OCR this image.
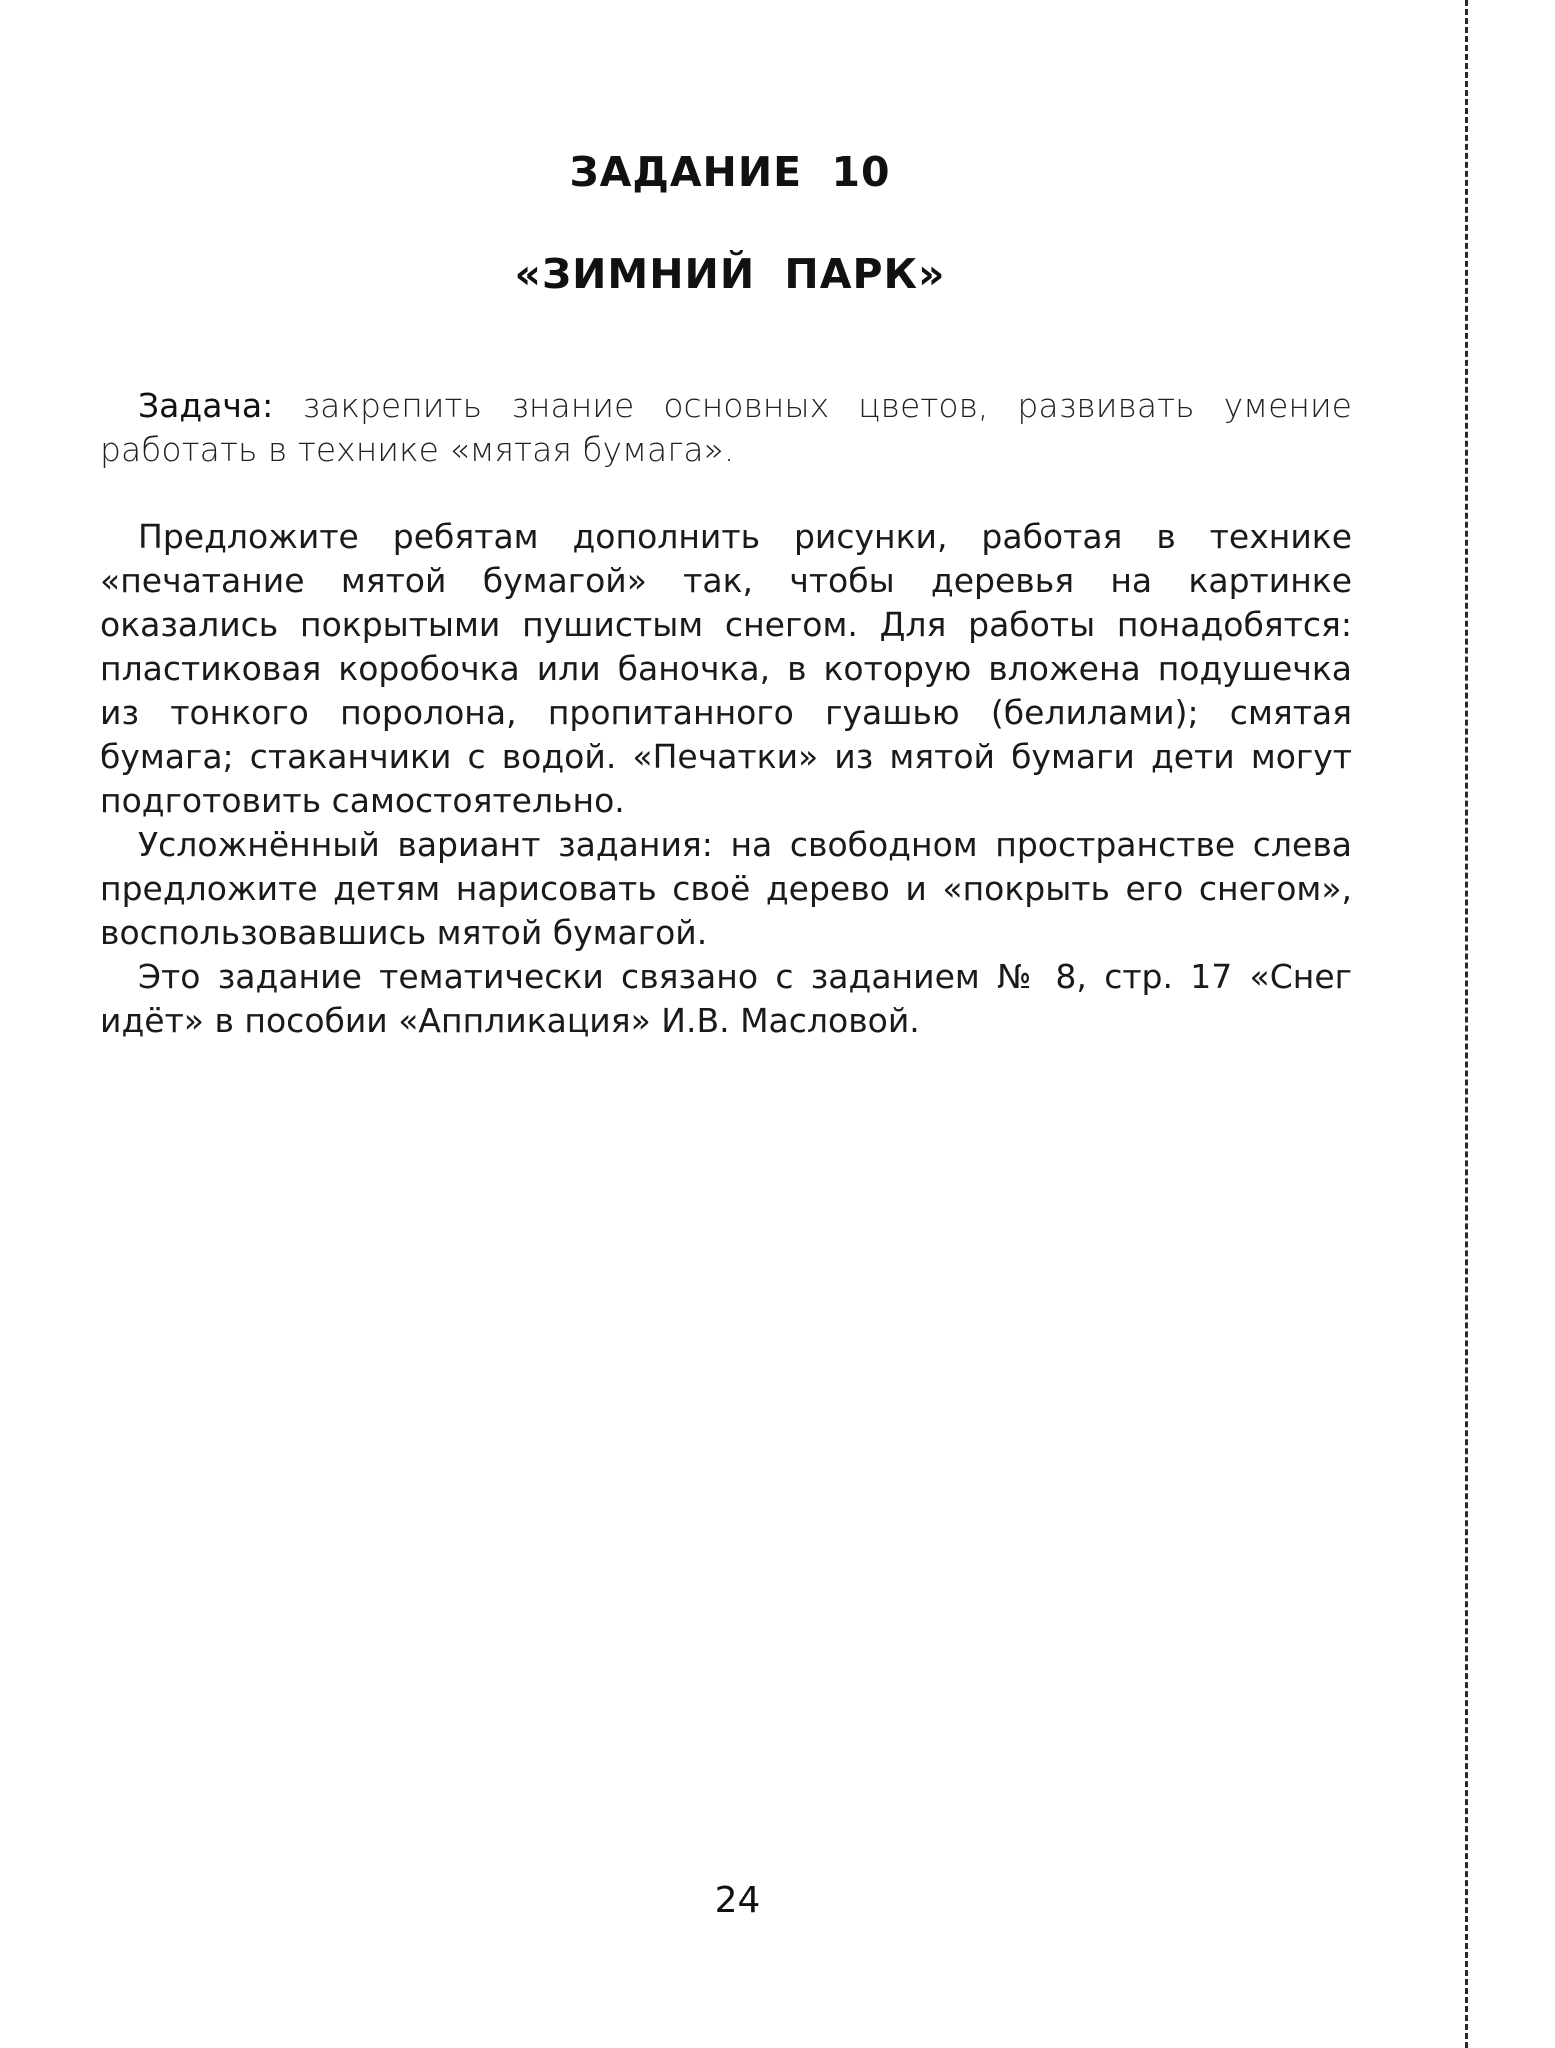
ЗАДАНИЕ 10
«ЗИМНИЙ ПАРК»

Задача: закрепить знание основных цветов, развивать умение работать в технике «мятая бумага».

Предложите ребятам дополнить рисунки, работая в технике «печатание мятой бумагой» так, чтобы деревья на картинке оказались покрытыми пушистым снегом. Для работы понадобятся: пластиковая коробочка или баночка, в которую вложена подушечка из тонкого поролона, пропитанного гуашью (белилами); смятая бумага; стаканчики с водой. «Печатки» из мятой бумаги дети могут подготовить самостоятельно.

Усложнённый вариант задания: на свободном пространстве слева предложите детям нарисовать своё дерево и «покрыть его снегом», воспользовавшись мятой бумагой.

Это задание тематически связано с заданием № 8, стр. 17 «Снег идёт» в пособии «Аппликация» И.В. Масловой.

24
